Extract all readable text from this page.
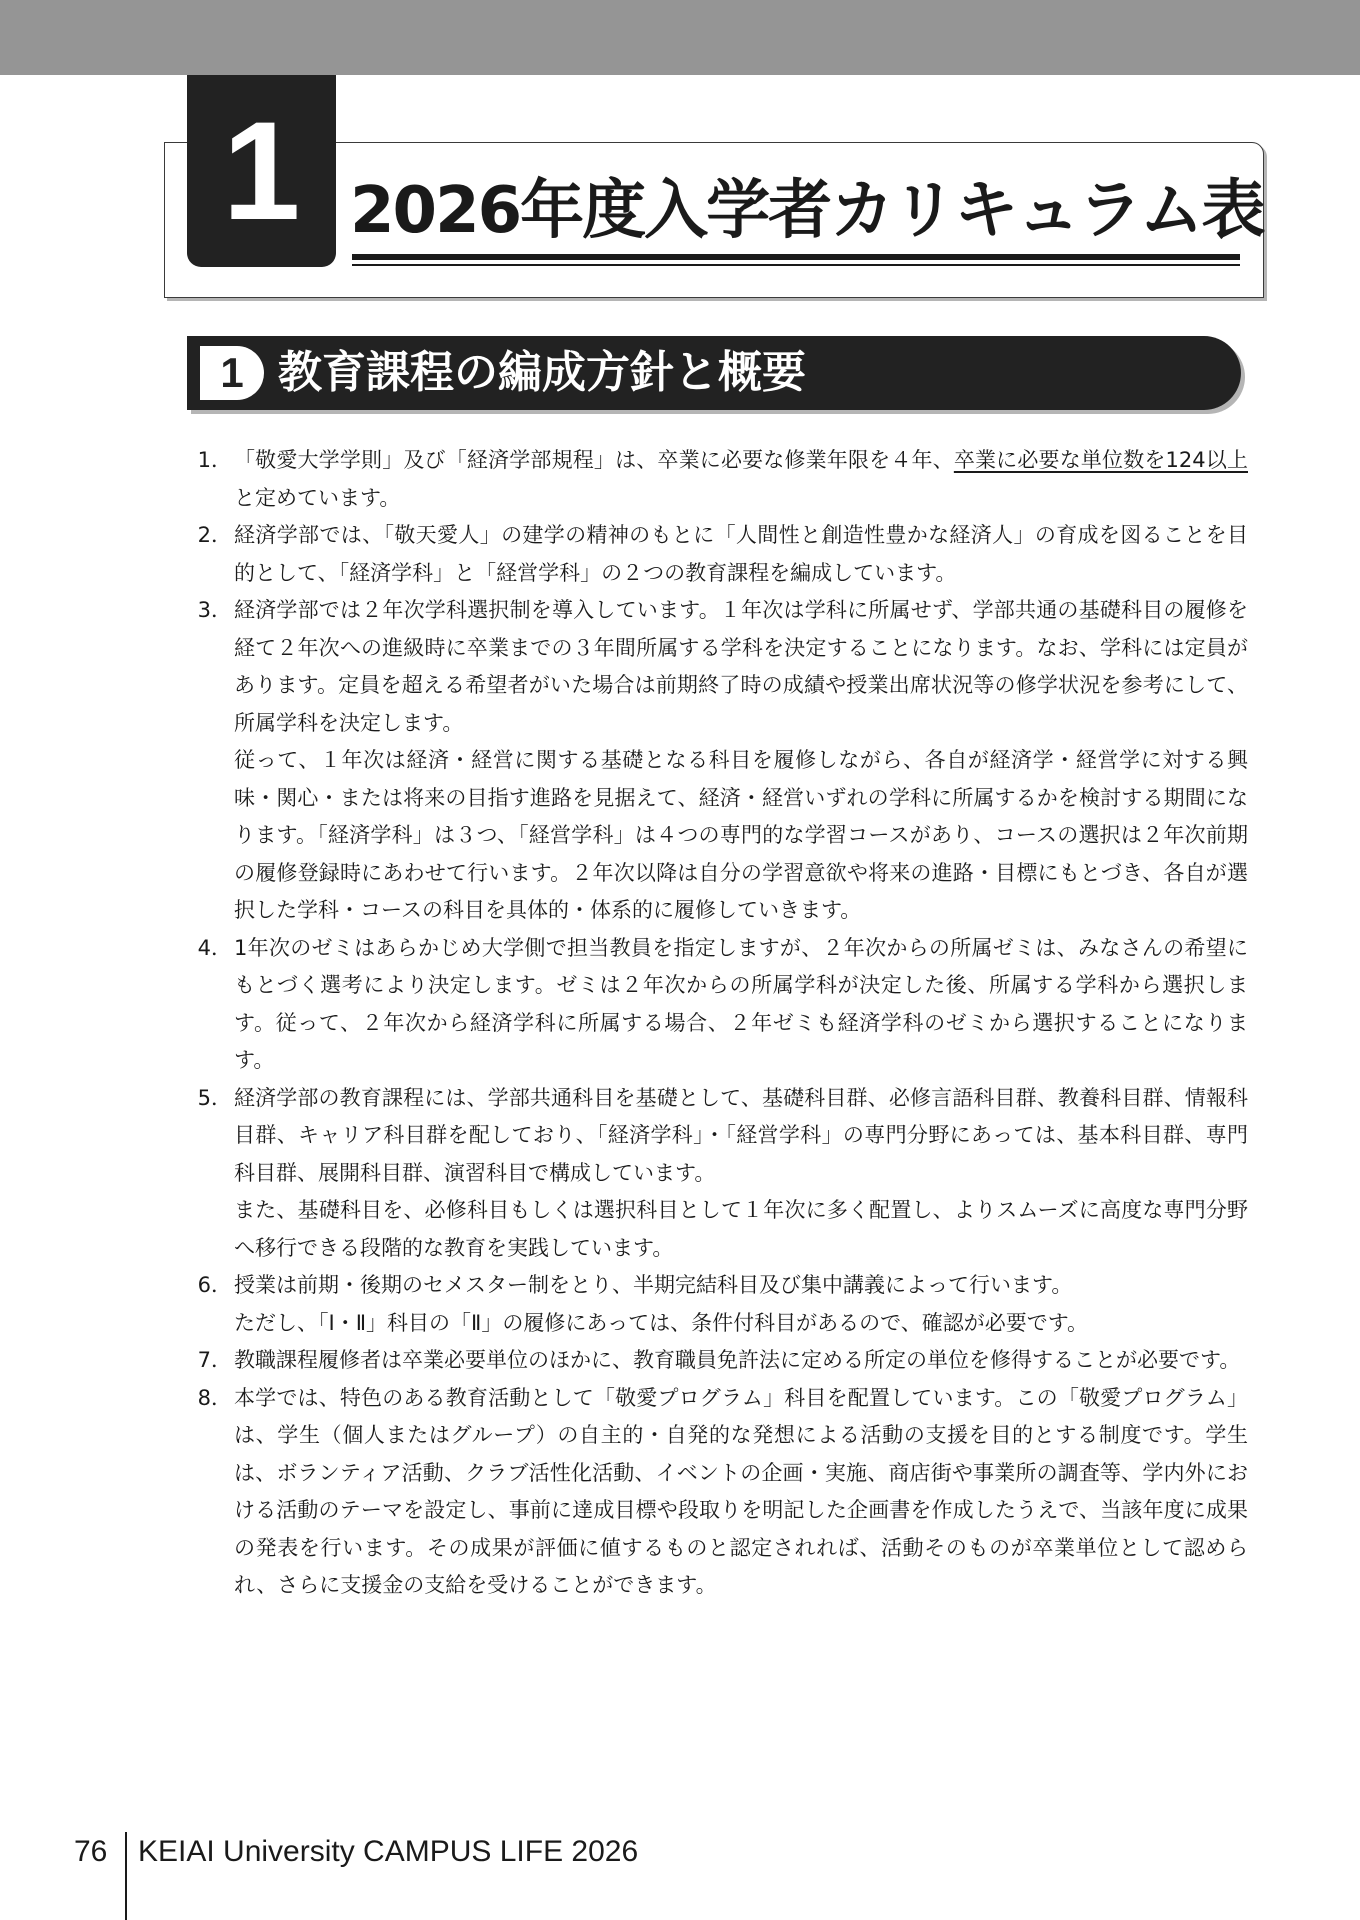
1 2026年度入学者カリキュラム表
1 教育課程の編成方針と概要
1． 「敬愛大学学則」及び「経済学部規程」は、卒業に必要な修業年限を４年、卒業に必要な単位数を124以上と定めています。

2． 経済学部では、「敬天愛人」の建学の精神のもとに「人間性と創造性豊かな経済人」の育成を図ることを目的として、「経済学科」と「経営学科」の２つの教育課程を編成しています。

3． 経済学部では２年次学科選択制を導入しています。１年次は学科に所属せず、学部共通の基礎科目の履修を経て２年次への進級時に卒業までの３年間所属する学科を決定することになります。なお、学科には定員があります。定員を超える希望者がいた場合は前期終了時の成績や授業出席状況等の修学状況を参考にして、所属学科を決定します。

従って、１年次は経済・経営に関する基礎となる科目を履修しながら、各自が経済学・経営学に対する興味・関心・または将来の目指す進路を見据えて、経済・経営いずれの学科に所属するかを検討する期間になります。「経済学科」は３つ、「経営学科」は４つの専門的な学習コースがあり、コースの選択は２年次前期の履修登録時にあわせて行います。２年次以降は自分の学習意欲や将来の進路・目標にもとづき、各自が選択した学科・コースの科目を具体的・体系的に履修していきます。

4． 1年次のゼミはあらかじめ大学側で担当教員を指定しますが、２年次からの所属ゼミは、みなさんの希望にもとづく選考により決定します。ゼミは２年次からの所属学科が決定した後、所属する学科から選択します。従って、２年次から経済学科に所属する場合、２年ゼミも経済学科のゼミから選択することになります。

5． 経済学部の教育課程には、学部共通科目を基礎として、基礎科目群、必修言語科目群、教養科目群、情報科目群、キャリア科目群を配しており、「経済学科」・「経営学科」の専門分野にあっては、基本科目群、専門科目群、展開科目群、演習科目で構成しています。

また、基礎科目を、必修科目もしくは選択科目として１年次に多く配置し、よりスムーズに高度な専門分野へ移行できる段階的な教育を実践しています。

6． 授業は前期・後期のセメスター制をとり、半期完結科目及び集中講義によって行います。

ただし、「Ⅰ・Ⅱ」科目の「Ⅱ」の履修にあっては、条件付科目があるので、確認が必要です。

7． 教職課程履修者は卒業必要単位のほかに、教育職員免許法に定める所定の単位を修得することが必要です。

8． 本学では、特色のある教育活動として「敬愛プログラム」科目を配置しています。この「敬愛プログラム」は、学生（個人またはグループ）の自主的・自発的な発想による活動の支援を目的とする制度です。学生は、ボランティア活動、クラブ活性化活動、イベントの企画・実施、商店街や事業所の調査等、学内外における活動のテーマを設定し、事前に達成目標や段取りを明記した企画書を作成したうえで、当該年度に成果の発表を行います。その成果が評価に値するものと認定されれば、活動そのものが卒業単位として認められ、さらに支援金の支給を受けることができます。

76 KEIAI University CAMPUS LIFE 2026
